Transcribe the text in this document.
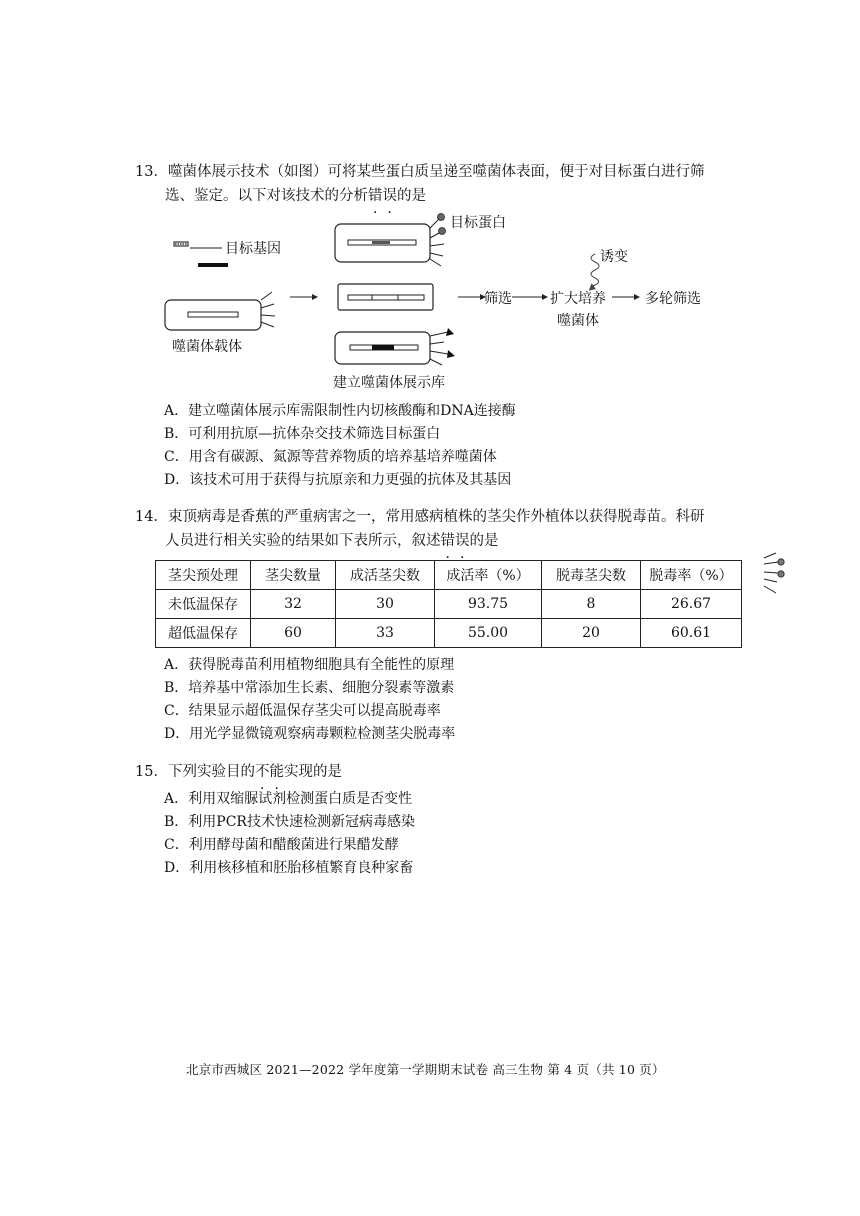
13．噬菌体展示技术（如图）可将某些蛋白质呈递至噬菌体表面，便于对目标蛋白进行筛
选、鉴定。以下对该技术的分析错误的是
目标基因
目标蛋白
噬菌体载体
建立噬菌体展示库
筛选
诱变
扩大培养
噬菌体
多轮筛选
A．建立噬菌体展示库需限制性内切核酸酶和DNA连接酶
B．可利用抗原—抗体杂交技术筛选目标蛋白
C．用含有碳源、氮源等营养物质的培养基培养噬菌体
D．该技术可用于获得与抗原亲和力更强的抗体及其基因
14．束顶病毒是香蕉的严重病害之一，常用感病植株的茎尖作外植体以获得脱毒苗。科研
人员进行相关实验的结果如下表所示，叙述错误的是
茎尖预处理	茎尖数量	成活茎尖数	成活率（%）	脱毒茎尖数	脱毒率（%）
未低温保存	32	30	93.75	8	26.67
超低温保存	60	33	55.00	20	60.61
A．获得脱毒苗利用植物细胞具有全能性的原理
B．培养基中常添加生长素、细胞分裂素等激素
C．结果显示超低温保存茎尖可以提高脱毒率
D．用光学显微镜观察病毒颗粒检测茎尖脱毒率
15．下列实验目的不能实现的是
A．利用双缩脲试剂检测蛋白质是否变性
B．利用PCR技术快速检测新冠病毒感染
C．利用酵母菌和醋酸菌进行果醋发酵
D．利用核移植和胚胎移植繁育良种家畜
北京市西城区 2021—2022 学年度第一学期期末试卷 高三生物 第 4 页（共 10 页）
